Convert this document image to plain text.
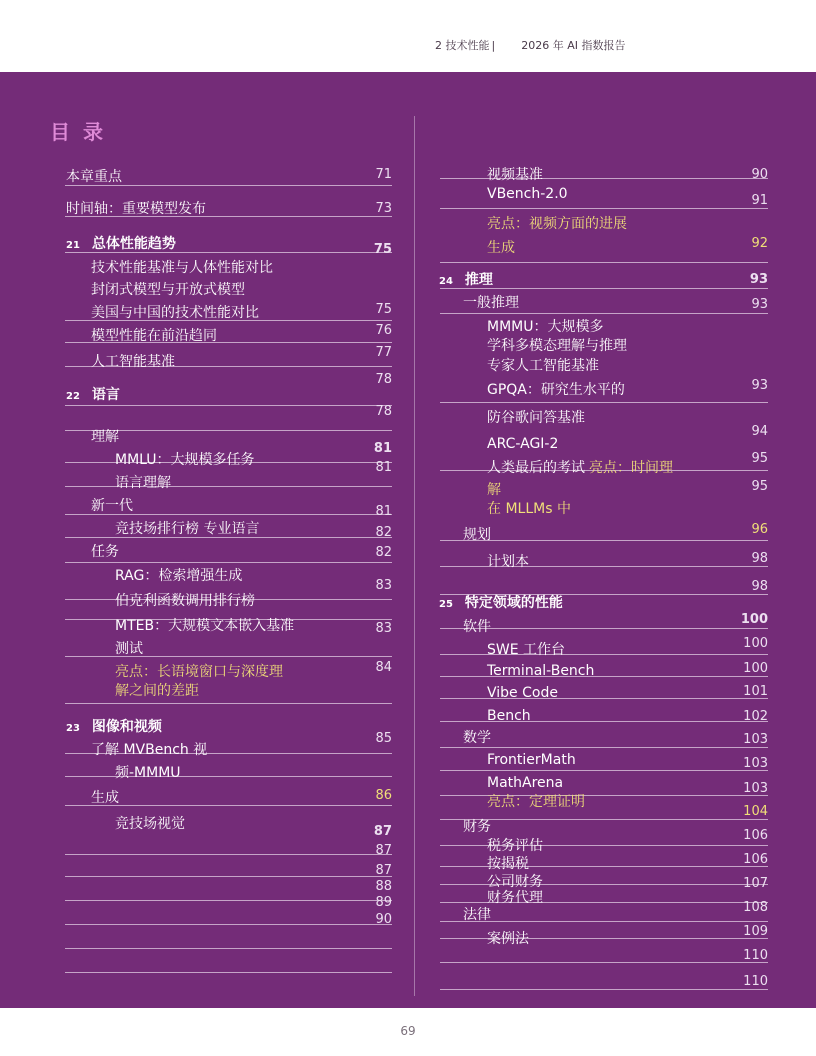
2 技术性能 | 2026 年 AI 指数报告
目 录
本章重点
时间轴：重要模型发布
21 总体性能趋势
技术性能基准与人体性能对比
封闭式模型与开放式模型
美国与中国的技术性能对比
模型性能在前沿趋同
人工智能基准
22 语言
理解
MMLU：大规模多任务
语言理解
新一代
竞技场排行榜 专业语言
任务
RAG：检索增强生成
伯克利函数调用排行榜
MTEB：大规模文本嵌入基准
测试
亮点：长语境窗口与深度理
解之间的差距
23 图像和视频
了解 MVBench 视
频-MMMU
生成
竞技场视觉
视频基准
VBench-2.0
亮点：视频方面的进展
生成
24 推理
一般推理
MMMU：大规模多
学科多模态理解与推理
专家人工智能基准
GPQA：研究生水平的
防谷歌问答基准
ARC-AGI-2
人类最后的考试 亮点：时间理
解
在 MLLMs 中
规划
计划本
25 特定领域的性能
软件
SWE 工作台
Terminal-Bench
Vibe Code
Bench
数学
FrontierMath
MathArena
亮点：定理证明
财务
税务评估
按揭税
公司财务
财务代理
法律
案例法
71
73
75
75
76
77
78
78
81
81
81
82
82
83
83
84
85
86
87
87
87
88
89
90
90
91
92
93
93
93
94
95
95
96
98
98
100
100
100
101
102
103
103
103
104
106
106
107
108
109
110
110
69
